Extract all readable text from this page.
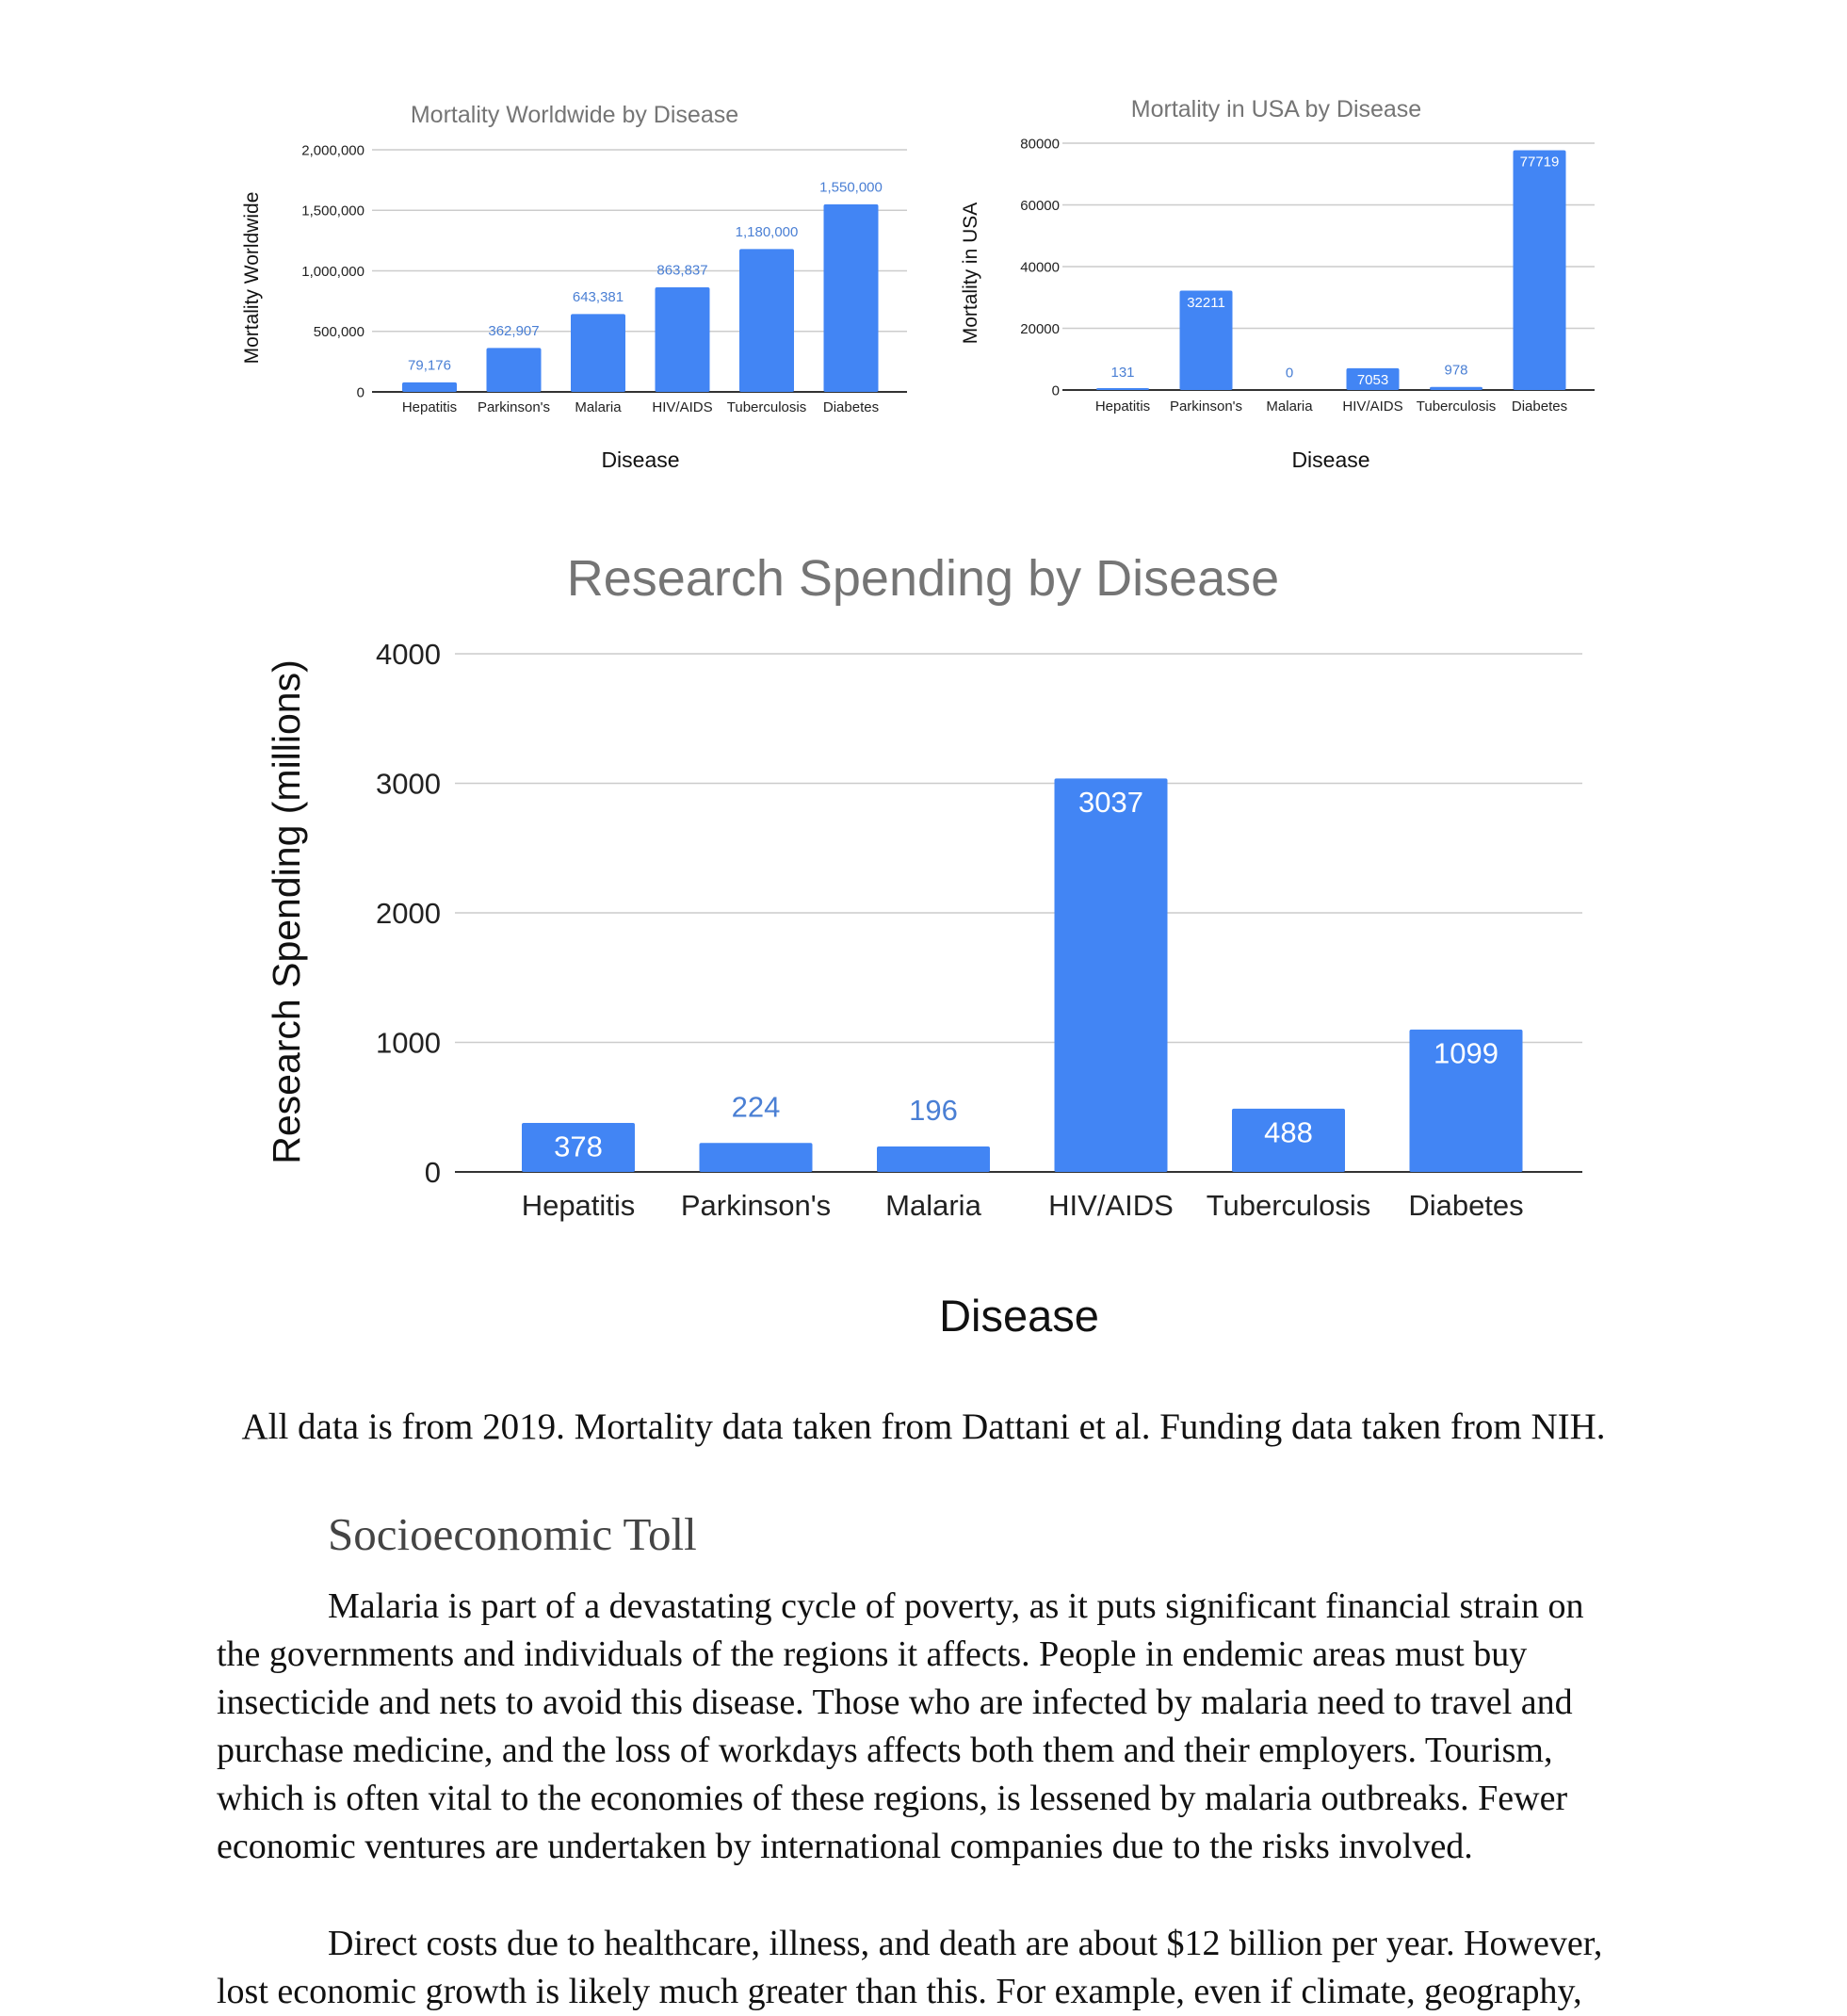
Mortality Worldwide by Disease
0
500,000
1,000,000
1,500,000
2,000,000
79,176
Hepatitis
362,907
Parkinson's
643,381
Malaria
863,837
HIV/AIDS
1,180,000
Tuberculosis
1,550,000
Diabetes
Disease
Mortality Worldwide
Mortality in USA by Disease
0
20000
40000
60000
80000
131
Hepatitis
32211
Parkinson's
0
Malaria
7053
HIV/AIDS
978
Tuberculosis
77719
Diabetes
Disease
Mortality in USA
Research Spending by Disease
0
1000
2000
3000
4000
378
Hepatitis
224
Parkinson's
196
Malaria
3037
HIV/AIDS
488
Tuberculosis
1099
Diabetes
Disease
Research Spending (millions)
All data is from 2019. Mortality data taken from Dattani et al. Funding data taken from NIH.
Socioeconomic Toll

Malaria is part of a devastating cycle of poverty, as it puts significant financial strain on the governments and individuals of the regions it affects. People in endemic areas must buy insecticide and nets to avoid this disease. Those who are infected by malaria need to travel and purchase medicine, and the loss of workdays affects both them and their employers. Tourism, which is often vital to the economies of these regions, is lessened by malaria outbreaks. Fewer economic ventures are undertaken by international companies due to the risks involved.

Direct costs due to healthcare, illness, and death are about $12 billion per year. However, lost economic growth is likely much greater than this. For example, even if climate, geography,
